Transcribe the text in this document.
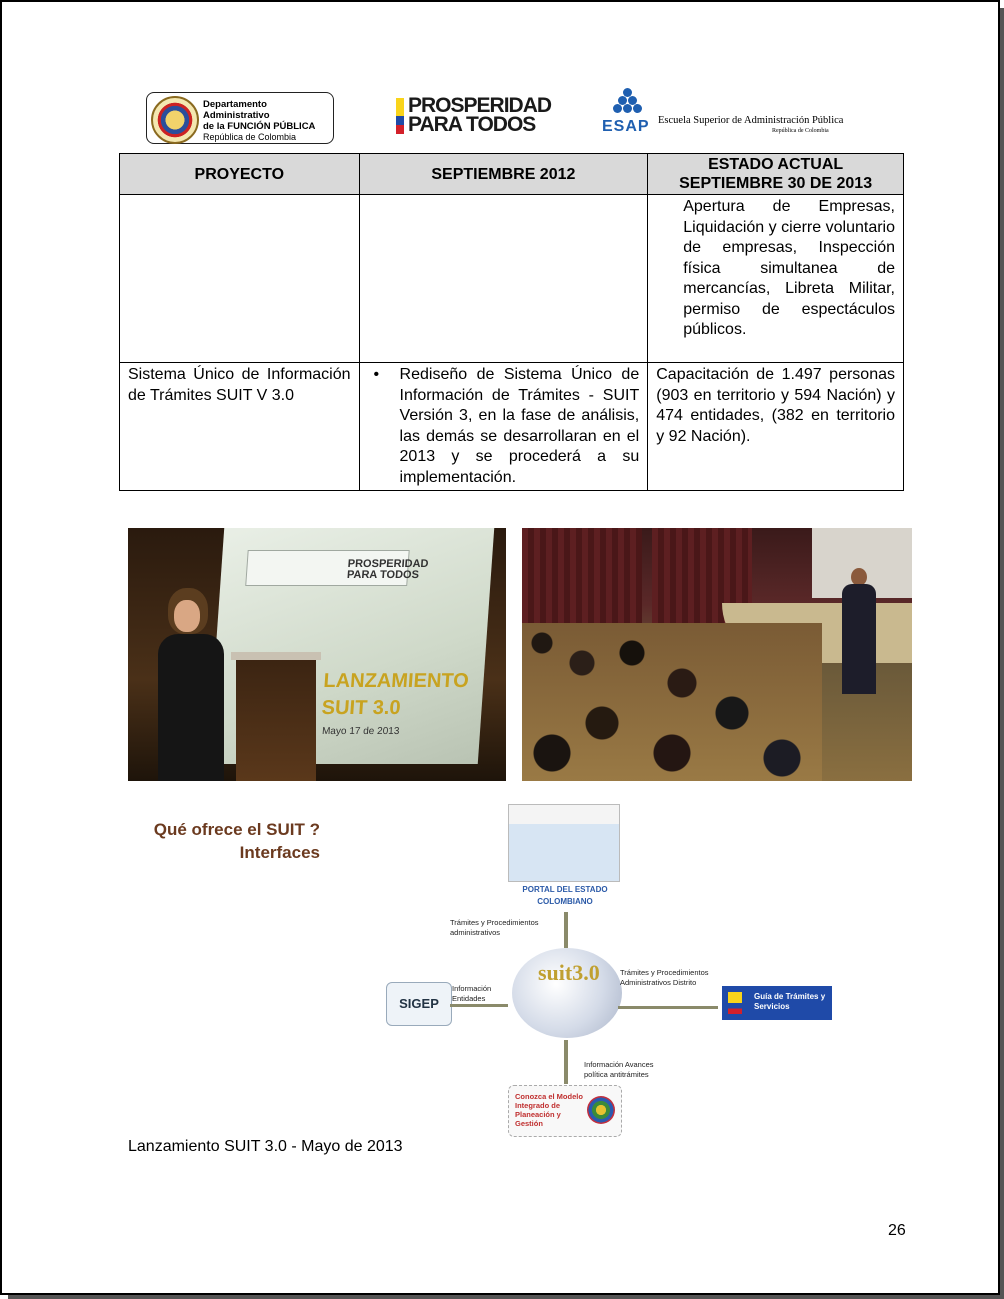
Departamento Administrativo
de la FUNCIÓN PÚBLICA
República de Colombia
PROSPERIDAD
PARA TODOS	ESAP Escuela Superior de Administración Pública
República de Colombia
PROYECTO	SEPTIEMBRE 2012	ESTADO ACTUAL
SEPTIEMBRE 30 DE 2013

		Apertura de Empresas, Liquidación y cierre voluntario de empresas, Inspección física simultanea de mercancías, Libreta Militar, permiso de espectáculos públicos.
Sistema Único de Información de Trámites SUIT V 3.0	• Rediseño de Sistema Único de Información de Trámites - SUIT Versión 3, en la fase de análisis, las demás se desarrollaran en el 2013 y se procederá a su implementación.	Capacitación de 1.497 personas (903 en territorio y 594 Nación) y 474 entidades, (382 en territorio y 92 Nación).
PROSPERIDAD
PARA TODOS
LANZAMIENTO
SUIT 3.0
Mayo 17 de 2013
Qué ofrece el SUIT ?
Interfaces
PORTAL DEL ESTADO COLOMBIANO
Trámites y Procedimientos administrativos
suit3.0
SIGEP
Información Entidades
Trámites y Procedimientos Administrativos Distrito
Guía de Trámites y Servicios
Información Avances política antitrámites
Conozca el Modelo Integrado de Planeación y Gestión
Lanzamiento SUIT 3.0 - Mayo de 2013
26
